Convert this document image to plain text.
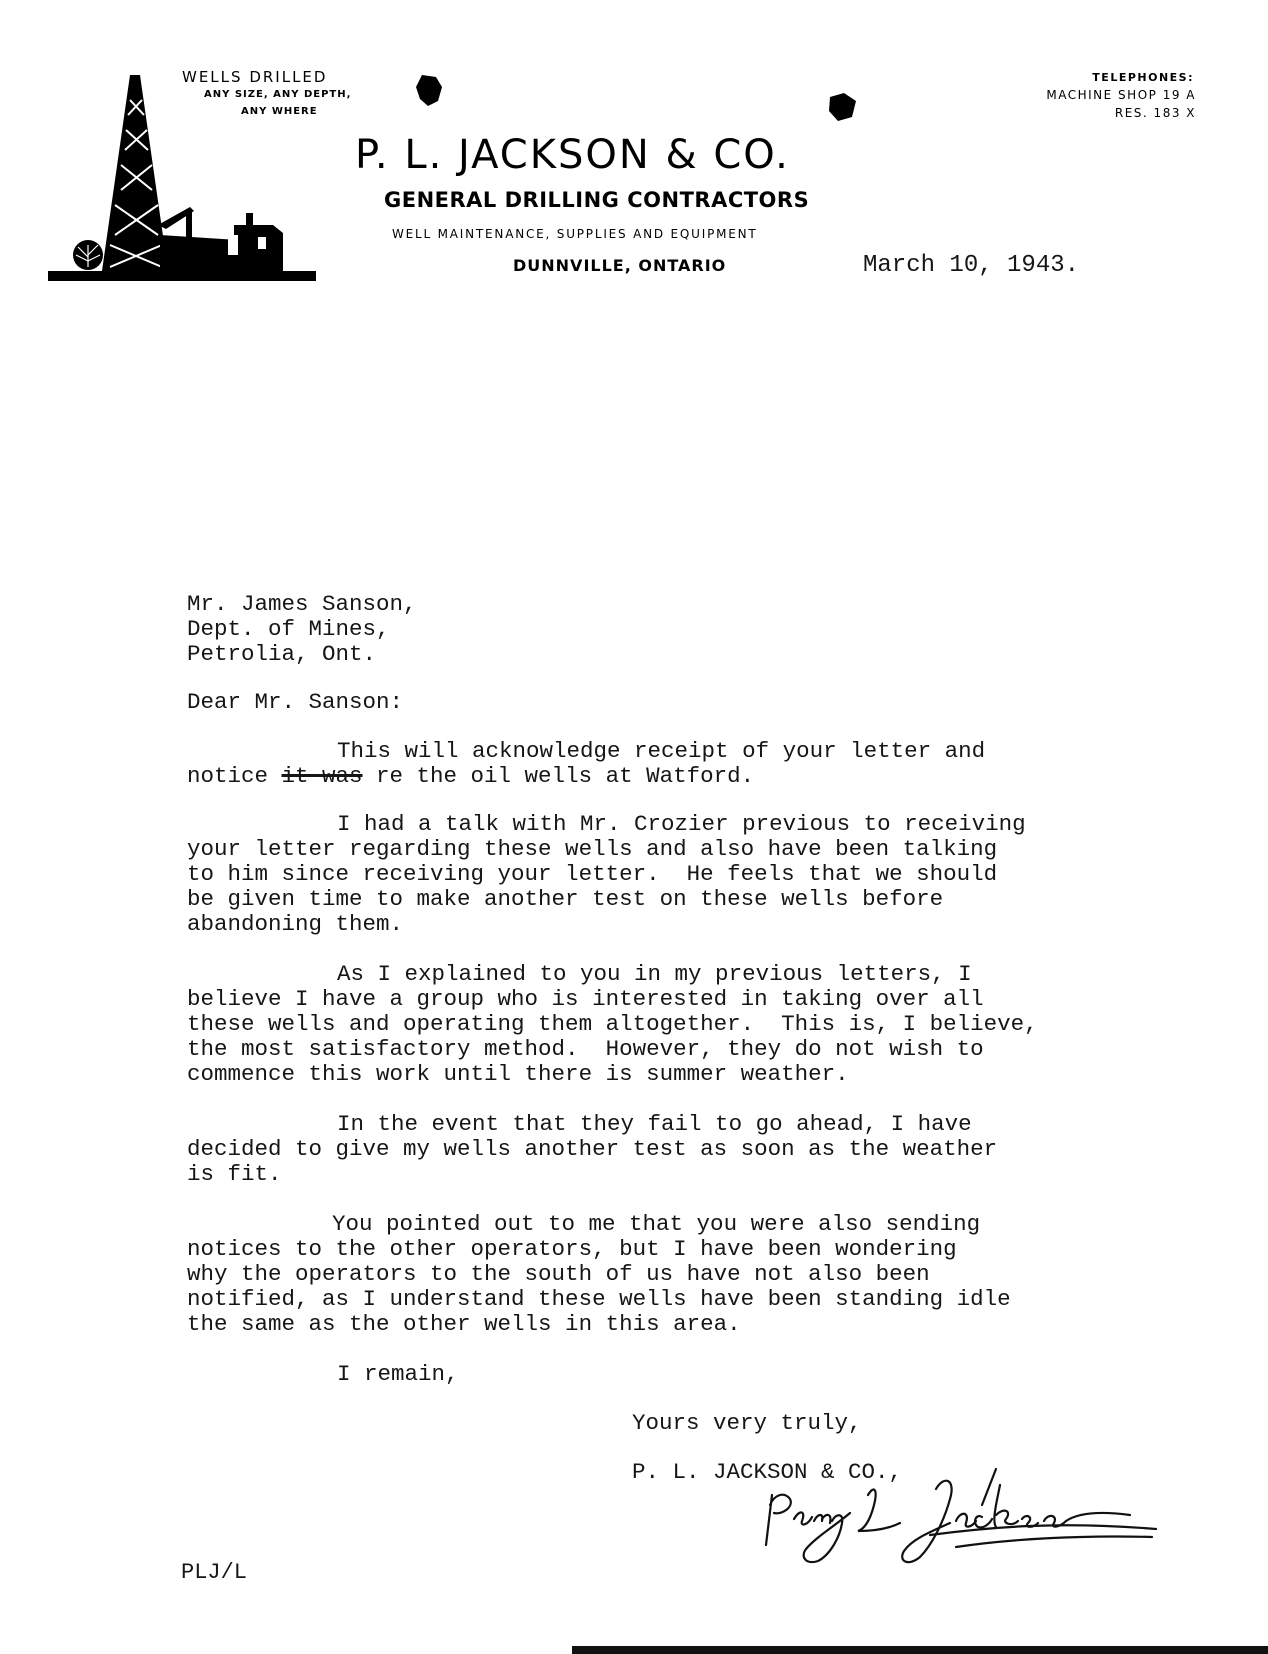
WELLS DRILLED
ANY SIZE, ANY DEPTH,
ANY WHERE
TELEPHONES:
MACHINE SHOP 19 A
RES. 183 X
P. L. JACKSON & CO.
GENERAL DRILLING CONTRACTORS
WELL MAINTENANCE, SUPPLIES AND EQUIPMENT
DUNNVILLE, ONTARIO	March 10, 1943.
Mr. James Sanson,
Dept. of Mines,
Petrolia, Ont.
Dear Mr. Sanson:
This will acknowledge receipt of your letter and
notice it was re the oil wells at Watford.
I had a talk with Mr. Crozier previous to receiving
your letter regarding these wells and also have been talking
to him since receiving your letter.  He feels that we should
be given time to make another test on these wells before
abandoning them.
As I explained to you in my previous letters, I
believe I have a group who is interested in taking over all
these wells and operating them altogether.  This is, I believe,
the most satisfactory method.  However, they do not wish to
commence this work until there is summer weather.
In the event that they fail to go ahead, I have
decided to give my wells another test as soon as the weather
is fit.
You pointed out to me that you were also sending
notices to the other operators, but I have been wondering
why the operators to the south of us have not also been
notified, as I understand these wells have been standing idle
the same as the other wells in this area.
I remain,
Yours very truly,
P. L. JACKSON & CO.,
PLJ/L
